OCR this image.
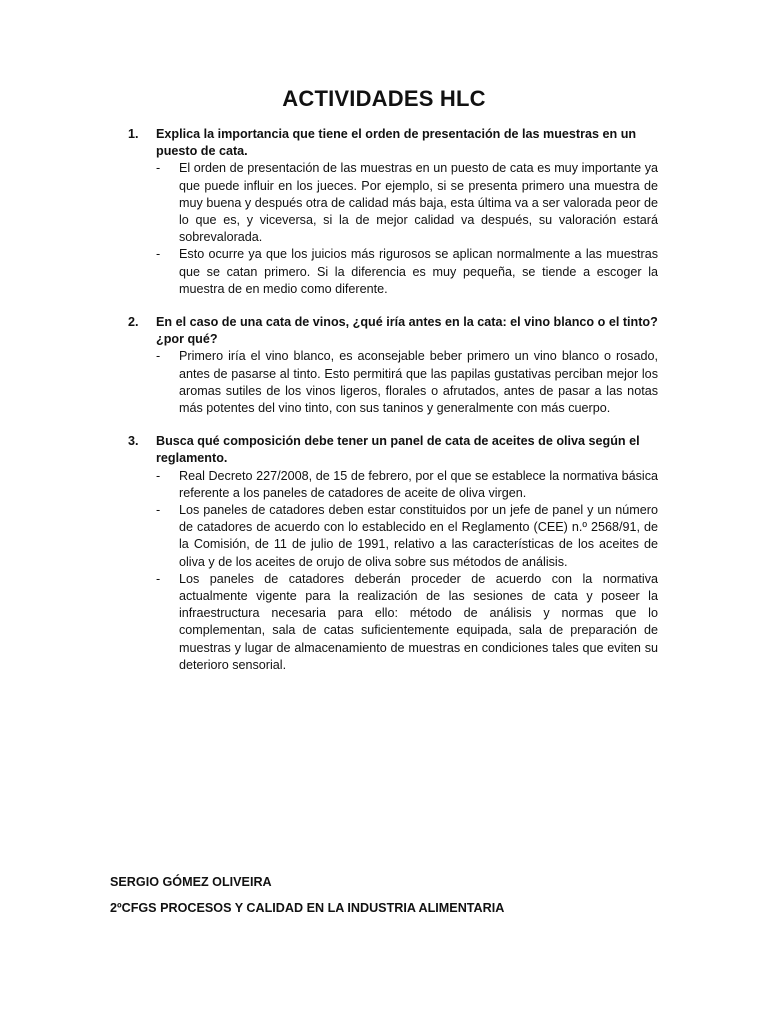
ACTIVIDADES HLC
1.	Explica la importancia que tiene el orden de presentación de las muestras en un puesto de cata.
-	El orden de presentación de las muestras en un puesto de cata es muy importante ya que puede influir en los jueces. Por ejemplo, si se presenta primero una muestra de muy buena y después otra de calidad más baja, esta última va a ser valorada peor de lo que es, y viceversa, si la de mejor calidad va después, su valoración estará sobrevalorada.
-	Esto ocurre ya que los juicios más rigurosos se aplican normalmente a las muestras que se catan primero. Si la diferencia es muy pequeña, se tiende a escoger la muestra de en medio como diferente.
2.	En el caso de una cata de vinos, ¿qué iría antes en la cata: el vino blanco o el tinto? ¿por qué?
-	Primero iría el vino blanco, es aconsejable beber primero un vino blanco o rosado, antes de pasarse al tinto. Esto permitirá que las papilas gustativas perciban mejor los aromas sutiles de los vinos ligeros, florales o afrutados, antes de pasar a las notas más potentes del vino tinto, con sus taninos y generalmente con más cuerpo.
3.	Busca qué composición debe tener un panel de cata de aceites de oliva según el reglamento.
-	Real Decreto 227/2008, de 15 de febrero, por el que se establece la normativa básica referente a los paneles de catadores de aceite de oliva virgen.
-	Los paneles de catadores deben estar constituidos por un jefe de panel y un número de catadores de acuerdo con lo establecido en el Reglamento (CEE) n.º 2568/91, de la Comisión, de 11 de julio de 1991, relativo a las características de los aceites de oliva y de los aceites de orujo de oliva sobre sus métodos de análisis.
-	Los paneles de catadores deberán proceder de acuerdo con la normativa actualmente vigente para la realización de las sesiones de cata y poseer la infraestructura necesaria para ello: método de análisis y normas que lo complementan, sala de catas suficientemente equipada, sala de preparación de muestras y lugar de almacenamiento de muestras en condiciones tales que eviten su deterioro sensorial.
SERGIO GÓMEZ OLIVEIRA
2ºCFGS PROCESOS Y CALIDAD EN LA INDUSTRIA ALIMENTARIA
